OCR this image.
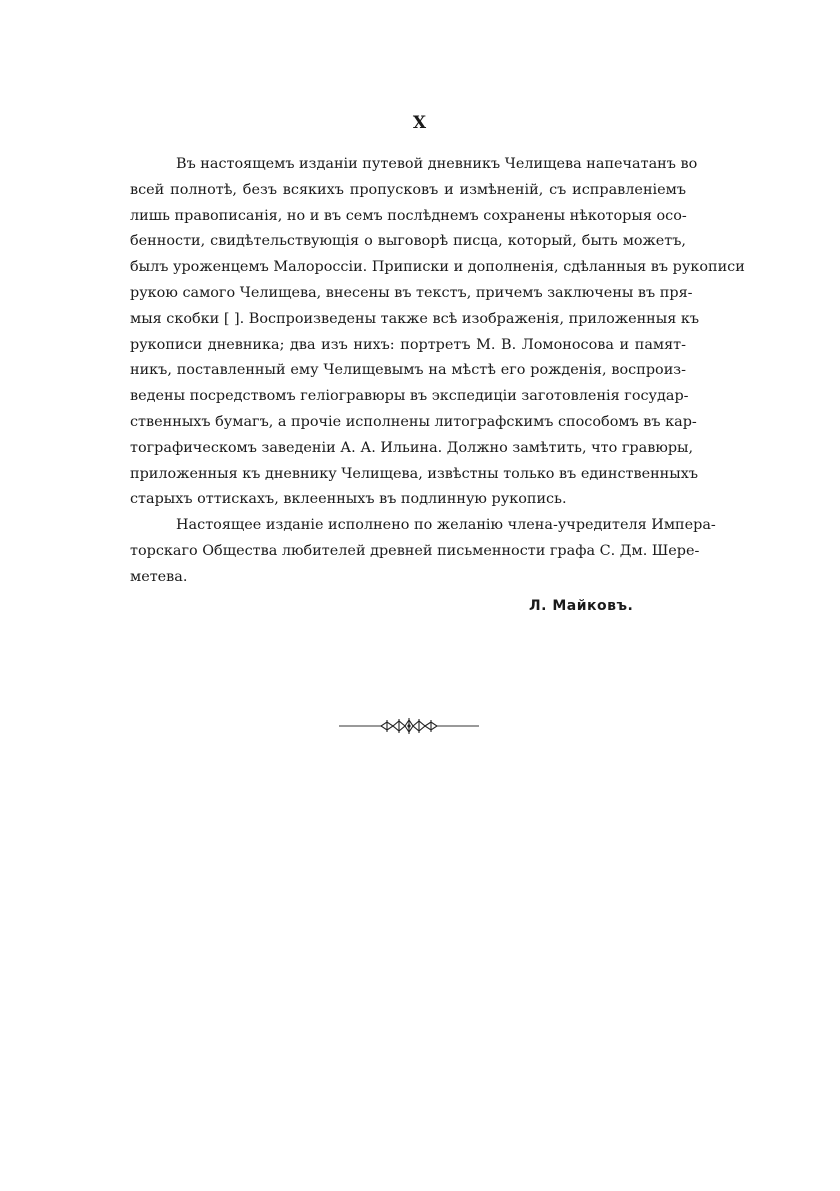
X

Въ настоящемъ изданіи путевой дневникъ Челищева напечатанъ во
всей полнотѣ, безъ всякихъ пропусковъ и измѣненій, съ исправленіемъ
лишь правописанія, но и въ семъ послѣднемъ сохранены нѣкоторыя осо-
бенности, свидѣтельствующія о выговорѣ писца, который, быть можетъ,
былъ уроженцемъ Малороссіи. Приписки и дополненія, сдѣланныя въ рукописи
рукою самого Челищева, внесены въ текстъ, причемъ заключены въ пря-
мыя скобки [ ]. Воспроизведены также всѣ изображенія, приложенныя къ
рукописи дневника; два изъ нихъ: портретъ М. В. Ломоносова и памят-
никъ, поставленный ему Челищевымъ на мѣстѣ его рожденія, воспроиз-
ведены посредствомъ геліогравюры въ экспедиціи заготовленія государ-
ственныхъ бумагъ, а прочіе исполнены литографскимъ способомъ въ кар-
тографическомъ заведеніи А. А. Ильина. Должно замѣтить, что гравюры,
приложенныя къ дневнику Челищева, извѣстны только въ единственныхъ
старыхъ оттискахъ, вклеенныхъ въ подлинную рукопись.

Настоящее изданіе исполнено по желанію члена-учредителя Импера-
торскаго Общества любителей древней письменности графа С. Дм. Шере-
метева.

Л. Майковъ.
